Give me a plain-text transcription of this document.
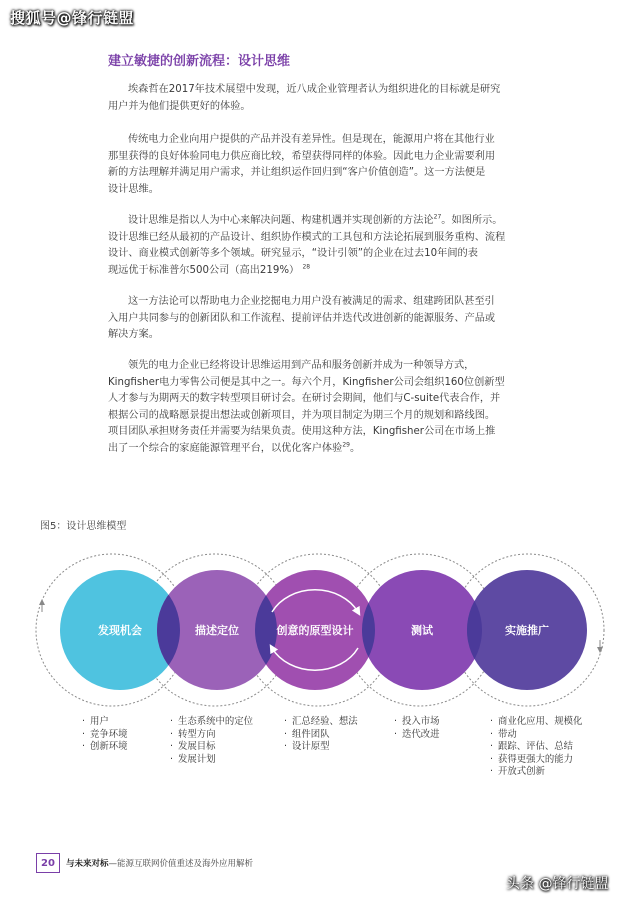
搜狐号@锋行链盟
建立敏捷的创新流程：设计思维

埃森哲在2017年技术展望中发现，近八成企业管理者认为组织进化的目标就是研究
用户并为他们提供更好的体验。

传统电力企业向用户提供的产品并没有差异性。但是现在，能源用户将在其他行业
那里获得的良好体验同电力供应商比较，希望获得同样的体验。因此电力企业需要利用
新的方法理解并满足用户需求，并让组织运作回归到“客户价值创造”。这一方法便是
设计思维。

设计思维是指以人为中心来解决问题、构建机遇并实现创新的方法论$^{27}$。如图所示。
设计思维已经从最初的产品设计、组织协作模式的工具包和方法论拓展到服务重构、流程
设计、商业模式创新等多个领域。研究显示，“设计引领”的企业在过去10年间的表
现远优于标准普尔500公司（高出219%） $^{28}$

这一方法论可以帮助电力企业挖掘电力用户没有被满足的需求、组建跨团队甚至引
入用户共同参与的创新团队和工作流程、提前评估并迭代改进创新的能源服务、产品或
解决方案。

领先的电力企业已经将设计思维运用到产品和服务创新并成为一种领导方式，
Kingfisher电力零售公司便是其中之一。每六个月，Kingfisher公司会组织160位创新型
人才参与为期两天的数字转型项目研讨会。在研讨会期间，他们与C-suite代表合作，并
根据公司的战略愿景提出想法或创新项目，并为项目制定为期三个月的规划和路线图。
项目团队承担财务责任并需要为结果负责。使用这种方法，Kingfisher公司在市场上推
出了一个综合的家庭能源管理平台，以优化客户体验$^{29}$。

图5：设计思维模型
发现机会	描述定位	创意的原型设计	测试	实施推广
· 用户
· 竞争环境
· 创新环境
· 生态系统中的定位
· 转型方向
· 发展目标
· 发展计划
· 汇总经验、想法
· 组件团队
· 设计原型
· 投入市场
· 迭代改进
· 商业化应用、规模化
· 带动
· 跟踪、评估、总结
· 获得更强大的能力
· 开放式创新
20	与未来对标—能源互联网价值重述及海外应用解析
头条 @锋行链盟
